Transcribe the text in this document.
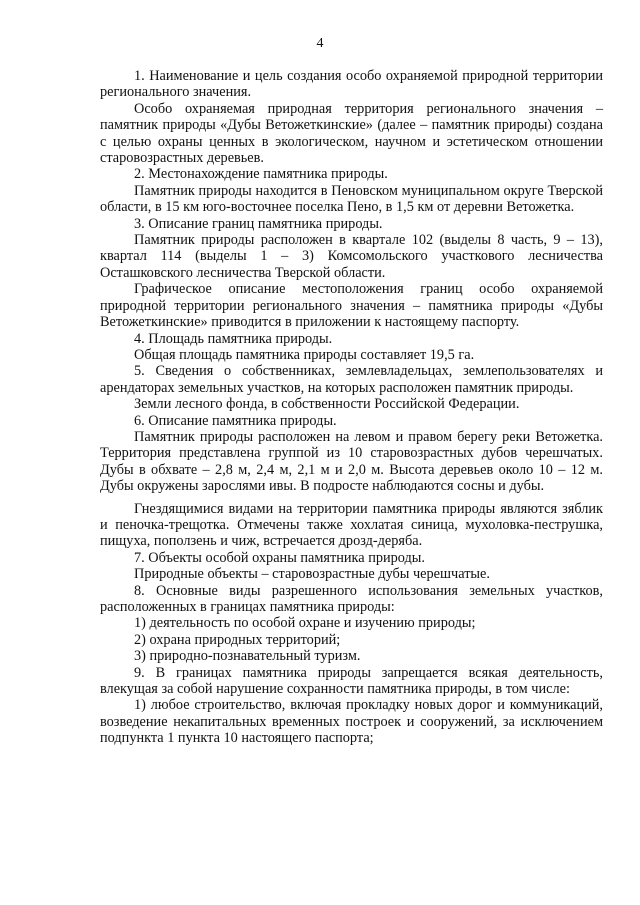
4

1. Наименование и цель создания особо охраняемой природной территории регионального значения.

Особо охраняемая природная территория регионального значения – памятник природы «Дубы Ветожеткинские» (далее – памятник природы) создана с целью охраны ценных в экологическом, научном и эстетическом отношении старовозрастных деревьев.

2. Местонахождение памятника природы.

Памятник природы находится в Пеновском муниципальном округе Тверской области, в 15 км юго-восточнее поселка Пено, в 1,5 км от деревни Ветожетка.

3. Описание границ памятника природы.

Памятник природы расположен в квартале 102 (выделы 8 часть, 9 – 13), квартал 114 (выделы 1 – 3) Комсомольского участкового лесничества Осташковского лесничества Тверской области.

Графическое описание местоположения границ особо охраняемой природной территории регионального значения – памятника природы «Дубы Ветожеткинские» приводится в приложении к настоящему паспорту.

4. Площадь памятника природы.

Общая площадь памятника природы составляет 19,5 га.

5. Сведения о собственниках, землевладельцах, землепользователях и арендаторах земельных участков, на которых расположен памятник природы.

Земли лесного фонда, в собственности Российской Федерации.

6. Описание памятника природы.

Памятник природы расположен на левом и правом берегу реки Ветожетка. Территория представлена группой из 10 старовозрастных дубов черешчатых. Дубы в обхвате – 2,8 м, 2,4 м, 2,1 м и 2,0 м. Высота деревьев около 10 – 12 м. Дубы окружены зарослями ивы. В подросте наблюдаются сосны и дубы.

Гнездящимися видами на территории памятника природы являются зяблик и пеночка-трещотка. Отмечены также хохлатая синица, мухоловка-пеструшка, пищуха, поползень и чиж, встречается дрозд-деряба.

7. Объекты особой охраны памятника природы.

Природные объекты – старовозрастные дубы черешчатые.

8. Основные виды разрешенного использования земельных участков, расположенных в границах памятника природы:

1) деятельность по особой охране и изучению природы;

2) охрана природных территорий;

3) природно-познавательный туризм.

9. В границах памятника природы запрещается всякая деятельность, влекущая за собой нарушение сохранности памятника природы, в том числе:

1) любое строительство, включая прокладку новых дорог и коммуникаций, возведение некапитальных временных построек и сооружений, за исключением подпункта 1 пункта 10 настоящего паспорта;
